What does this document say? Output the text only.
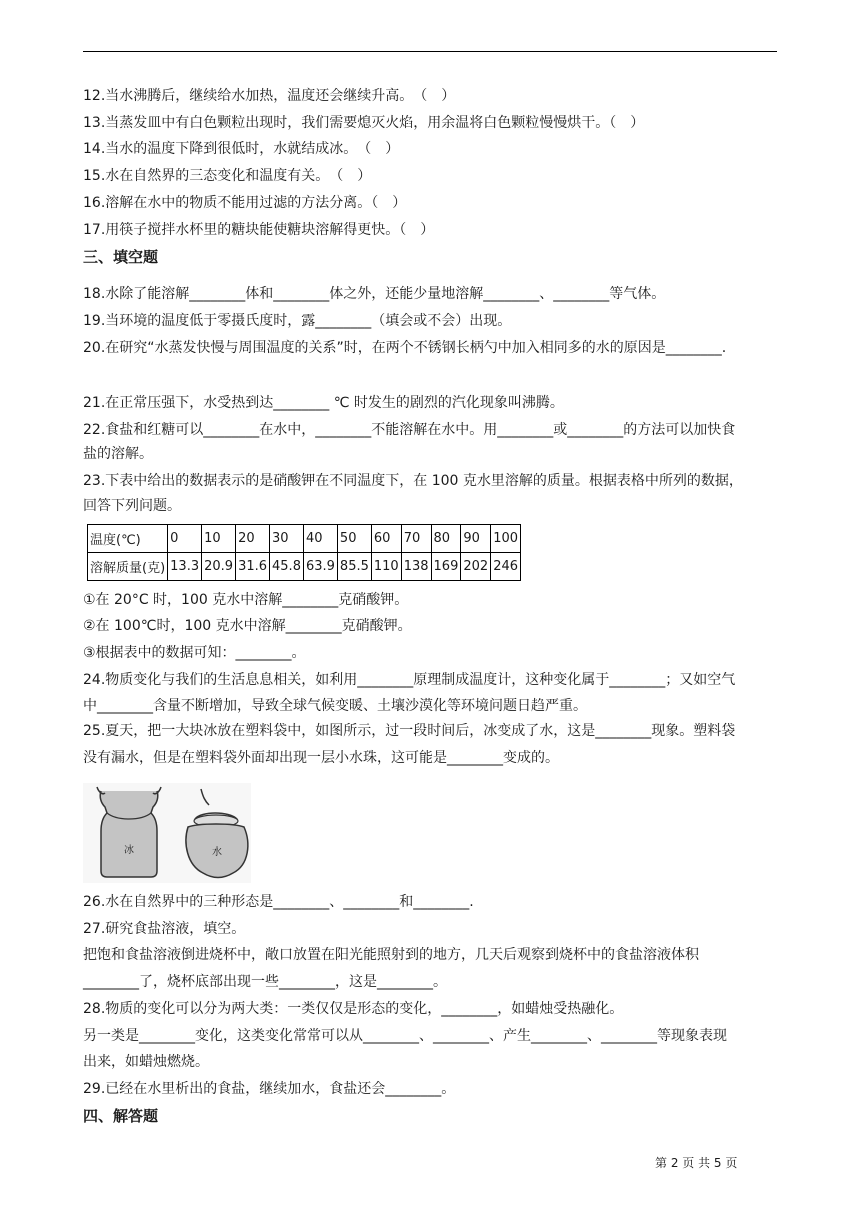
12.当水沸腾后，继续给水加热，温度还会继续升高。　（　）
13.当蒸发皿中有白色颗粒出现时，我们需要熄灭火焰，用余温将白色颗粒慢慢烘干。（　）
14.当水的温度下降到很低时，水就结成冰。　（　）
15.水在自然界的三态变化和温度有关。　（　）
16.溶解在水中的物质不能用过滤的方法分离。（　）
17.用筷子搅拌水杯里的糖块能使糖块溶解得更快。（　）
三、填空题
18.水除了能溶解________体和________体之外，还能少量地溶解________、________等气体。
19.当环境的温度低于零摄氏度时，露________（填会或不会）出现。
20.在研究“水蒸发快慢与周围温度的关系”时，在两个不锈钢长柄勺中加入相同多的水的原因是________.
21.在正常压强下，水受热到达________ ℃ 时发生的剧烈的汽化现象叫沸腾。
22.食盐和红糖可以________在水中，________不能溶解在水中。用________或________的方法可以加快食
盐的溶解。
23.下表中给出的数据表示的是硝酸钾在不同温度下，在 100 克水里溶解的质量。根据表格中所列的数据，
回答下列问题。
温度(℃)	0	10	20	30	40	50	60	70	80	90	100
溶解质量(克)	13.3	20.9	31.6	45.8	63.9	85.5	110	138	169	202	246
①在 20°C 时，100 克水中溶解________克硝酸钾。
②在 100℃时，100 克水中溶解________克硝酸钾。
③根据表中的数据可知：________。
24.物质变化与我们的生活息息相关，如利用________原理制成温度计，这种变化属于________；又如空气
中________含量不断增加，导致全球气候变暖、土壤沙漠化等环境问题日趋严重。
25.夏天，把一大块冰放在塑料袋中，如图所示，过一段时间后，冰变成了水，这是________现象。塑料袋
没有漏水，但是在塑料袋外面却出现一层小水珠，这可能是________变成的。
冰	水
26.水在自然界中的三种形态是________、________和________.
27.研究食盐溶液，填空。
把饱和食盐溶液倒进烧杯中，敞口放置在阳光能照射到的地方，几天后观察到烧杯中的食盐溶液体积
________了，烧杯底部出现一些________，这是________。
28.物质的变化可以分为两大类：一类仅仅是形态的变化，________，如蜡烛受热融化。
另一类是________变化，这类变化常常可以从________、________、产生________、________等现象表现
出来，如蜡烛燃烧。
29.已经在水里析出的食盐，继续加水，食盐还会________。
四、解答题
第 2 页 共 5 页
